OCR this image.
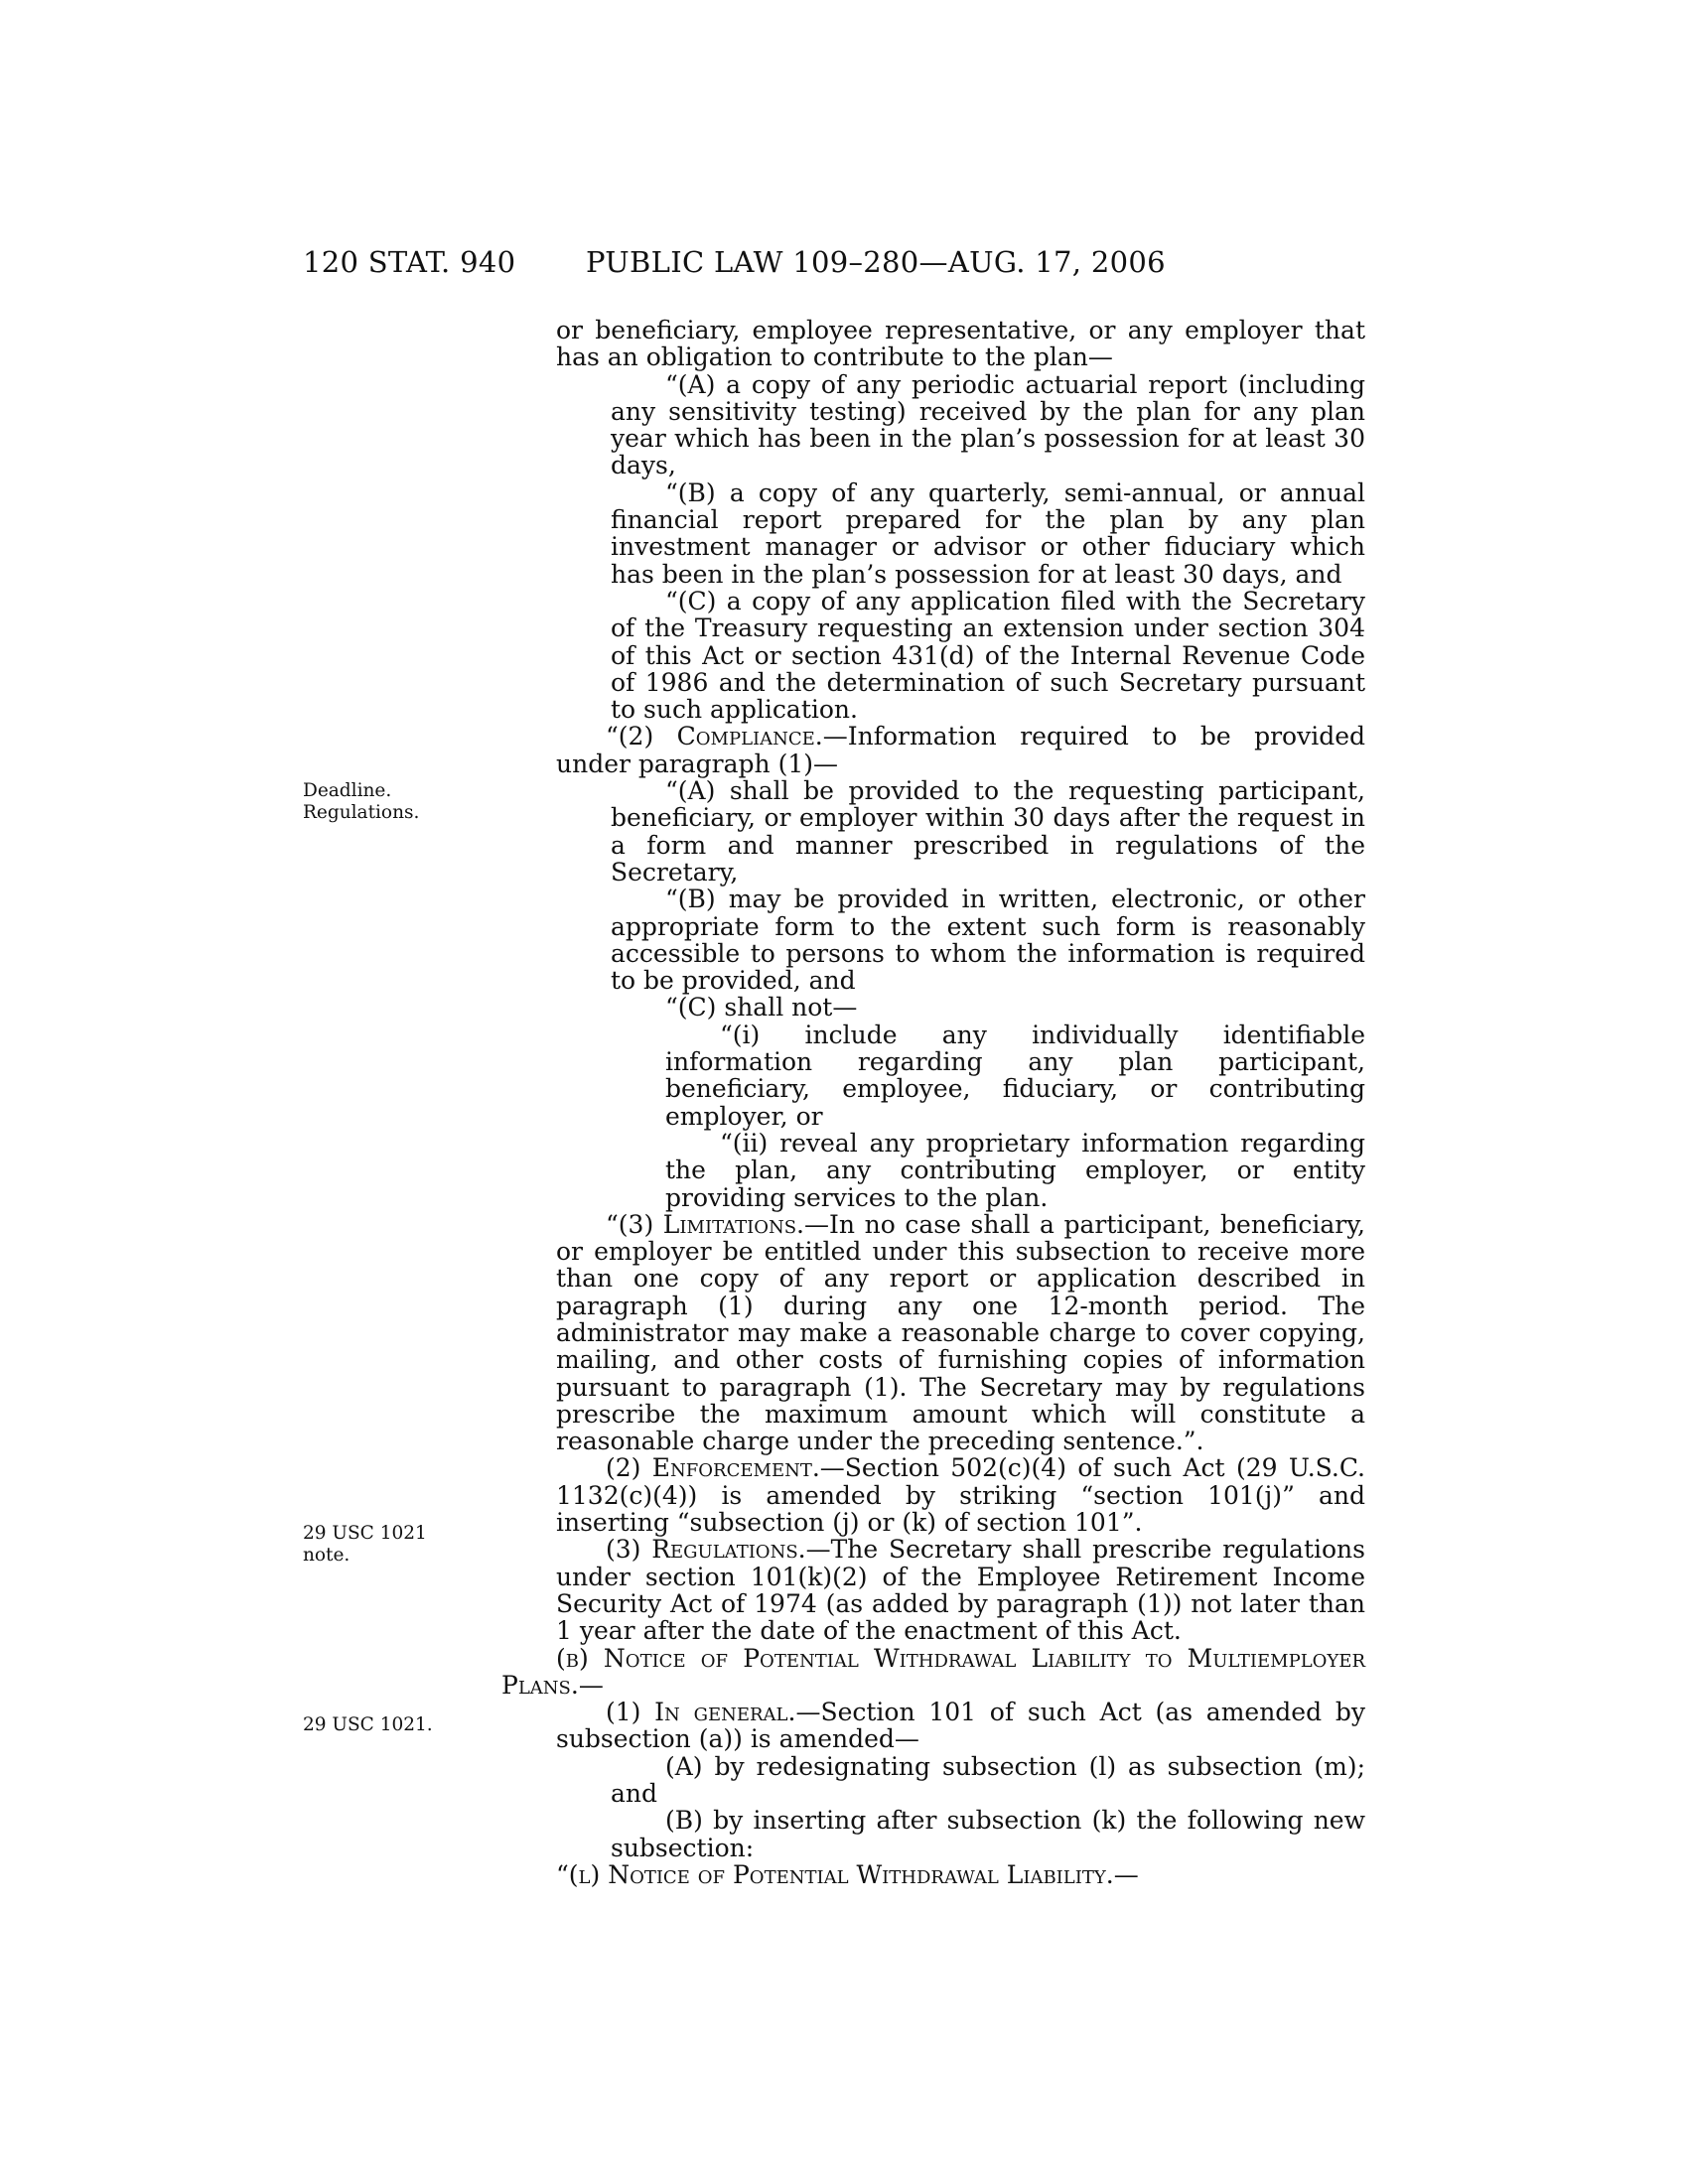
120 STAT. 940 PUBLIC LAW 109–280—AUG. 17, 2006
Deadline.
Regulations.
29 USC 1021
note.
29 USC 1021.
or beneficiary, employee representative, or any employer that has an obligation to contribute to the plan—
“(A) a copy of any periodic actuarial report (including any sensitivity testing) received by the plan for any plan year which has been in the plan’s possession for at least 30 days,
“(B) a copy of any quarterly, semi-annual, or annual financial report prepared for the plan by any plan investment manager or advisor or other fiduciary which has been in the plan’s possession for at least 30 days, and
“(C) a copy of any application filed with the Secretary of the Treasury requesting an extension under section 304 of this Act or section 431(d) of the Internal Revenue Code of 1986 and the determination of such Secretary pursuant to such application.
“(2) Compliance.—Information required to be provided under paragraph (1)—
“(A) shall be provided to the requesting participant, beneficiary, or employer within 30 days after the request in a form and manner prescribed in regulations of the Secretary,
“(B) may be provided in written, electronic, or other appropriate form to the extent such form is reasonably accessible to persons to whom the information is required to be provided, and
“(C) shall not—
“(i) include any individually identifiable information regarding any plan participant, beneficiary, employee, fiduciary, or contributing employer, or
“(ii) reveal any proprietary information regarding the plan, any contributing employer, or entity providing services to the plan.
“(3) Limitations.—In no case shall a participant, beneficiary, or employer be entitled under this subsection to receive more than one copy of any report or application described in paragraph (1) during any one 12-month period. The administrator may make a reasonable charge to cover copying, mailing, and other costs of furnishing copies of information pursuant to paragraph (1). The Secretary may by regulations prescribe the maximum amount which will constitute a reasonable charge under the preceding sentence.”.
(2) Enforcement.—Section 502(c)(4) of such Act (29 U.S.C. 1132(c)(4)) is amended by striking “section 101(j)” and inserting “subsection (j) or (k) of section 101”.
(3) Regulations.—The Secretary shall prescribe regulations under section 101(k)(2) of the Employee Retirement Income Security Act of 1974 (as added by paragraph (1)) not later than 1 year after the date of the enactment of this Act.
(b) Notice of Potential Withdrawal Liability to Multiemployer Plans.—
(1) In general.—Section 101 of such Act (as amended by subsection (a)) is amended—
(A) by redesignating subsection (l) as subsection (m); and
(B) by inserting after subsection (k) the following new subsection:
“(l) Notice of Potential Withdrawal Liability.—
